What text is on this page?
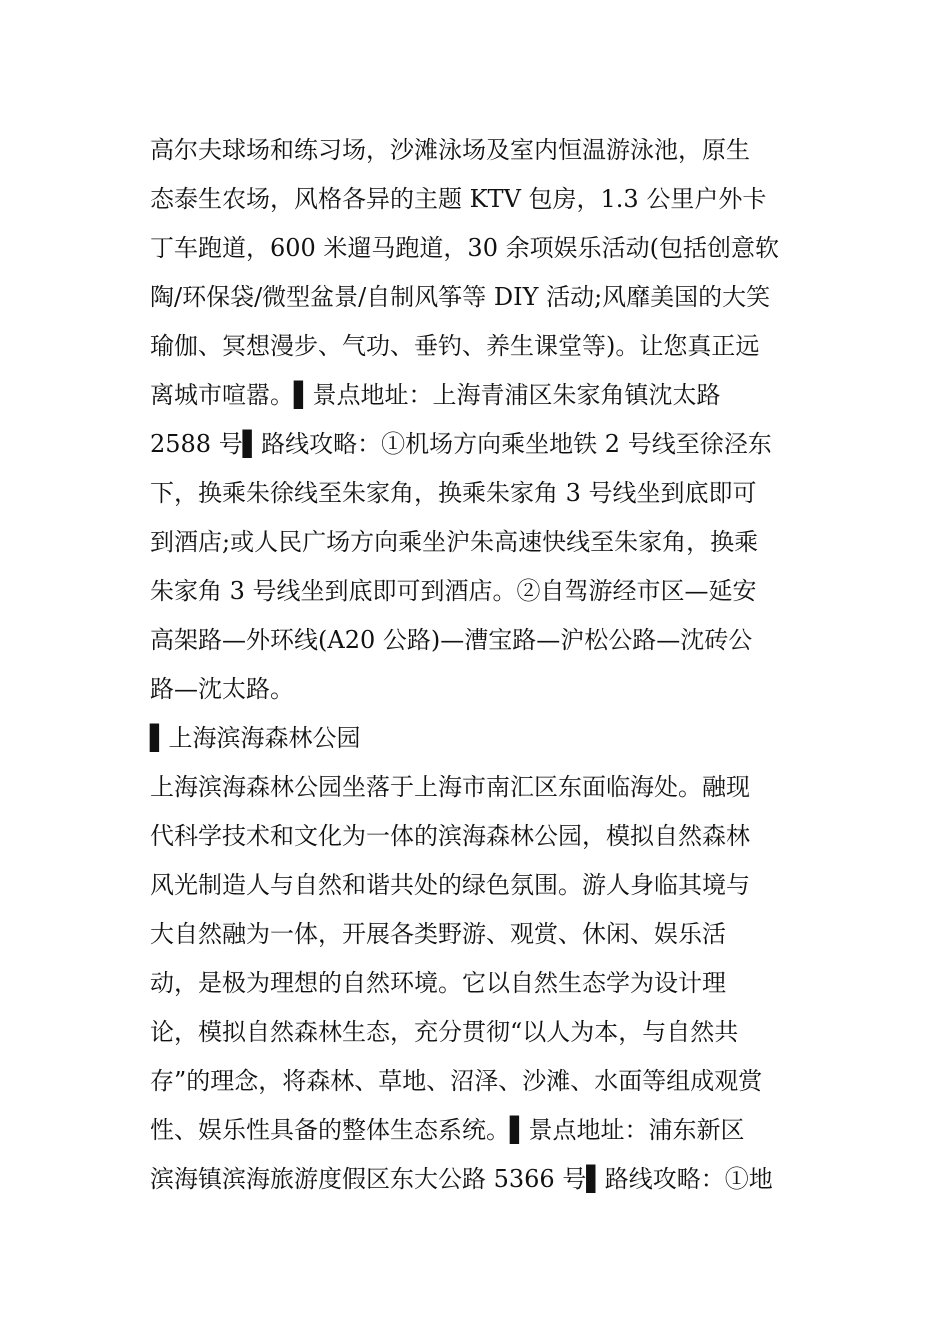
高尔夫球场和练习场，沙滩泳场及室内恒温游泳池，原生
态泰生农场，风格各异的主题 KTV 包房，1.3 公里户外卡
丁车跑道，600 米遛马跑道，30 余项娱乐活动(包括创意软
陶/环保袋/微型盆景/自制风筝等 DIY 活动;风靡美国的大笑
瑜伽、冥想漫步、气功、垂钓、养生课堂等)。让您真正远
离城市喧嚣。▌景点地址：上海青浦区朱家角镇沈太路
2588 号▌路线攻略：①机场方向乘坐地铁 2 号线至徐泾东
下，换乘朱徐线至朱家角，换乘朱家角 3 号线坐到底即可
到酒店;或人民广场方向乘坐沪朱高速快线至朱家角，换乘
朱家角 3 号线坐到底即可到酒店。②自驾游经市区—延安
高架路—外环线(A20 公路)—漕宝路—沪松公路—沈砖公
路—沈太路。
▌上海滨海森林公园
上海滨海森林公园坐落于上海市南汇区东面临海处。融现
代科学技术和文化为一体的滨海森林公园，模拟自然森林
风光制造人与自然和谐共处的绿色氛围。游人身临其境与
大自然融为一体，开展各类野游、观赏、休闲、娱乐活
动，是极为理想的自然环境。它以自然生态学为设计理
论，模拟自然森林生态，充分贯彻“以人为本，与自然共
存”的理念，将森林、草地、沼泽、沙滩、水面等组成观赏
性、娱乐性具备的整体生态系统。▌景点地址：浦东新区
滨海镇滨海旅游度假区东大公路 5366 号▌路线攻略：①地
